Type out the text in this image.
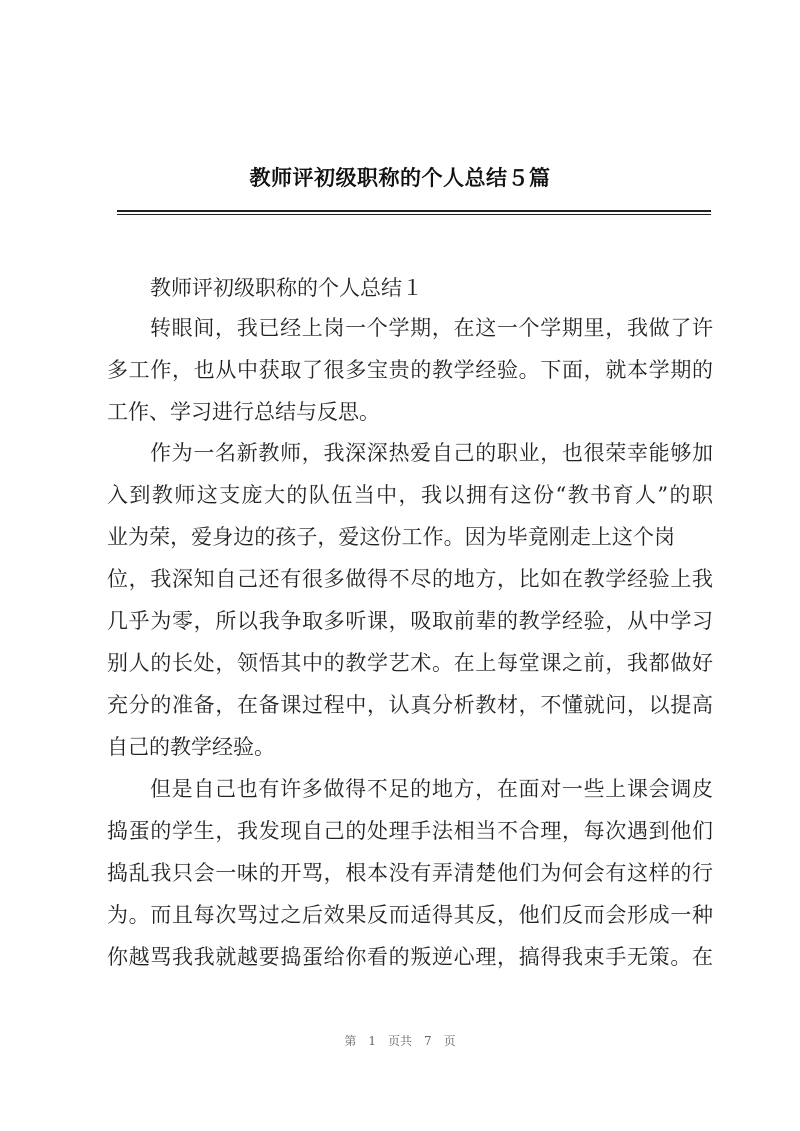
教师评初级职称的个人总结５篇
教师评初级职称的个人总结１
转眼间，我已经上岗一个学期，在这一个学期里，我做了许
多工作，也从中获取了很多宝贵的教学经验。下面，就本学期的
工作、学习进行总结与反思。
作为一名新教师，我深深热爱自己的职业，也很荣幸能够加
入到教师这支庞大的队伍当中，我以拥有这份“教书育人”的职
业为荣，爱身边的孩子，爱这份工作。因为毕竟刚走上这个岗
位，我深知自己还有很多做得不尽的地方，比如在教学经验上我
几乎为零，所以我争取多听课，吸取前辈的教学经验，从中学习
别人的长处，领悟其中的教学艺术。在上每堂课之前，我都做好
充分的准备，在备课过程中，认真分析教材，不懂就问，以提高
自己的教学经验。
但是自己也有许多做得不足的地方，在面对一些上课会调皮
捣蛋的学生，我发现自己的处理手法相当不合理，每次遇到他们
捣乱我只会一味的开骂，根本没有弄清楚他们为何会有这样的行
为。而且每次骂过之后效果反而适得其反，他们反而会形成一种
你越骂我我就越要捣蛋给你看的叛逆心理，搞得我束手无策。在
第　1　页共　7　页
